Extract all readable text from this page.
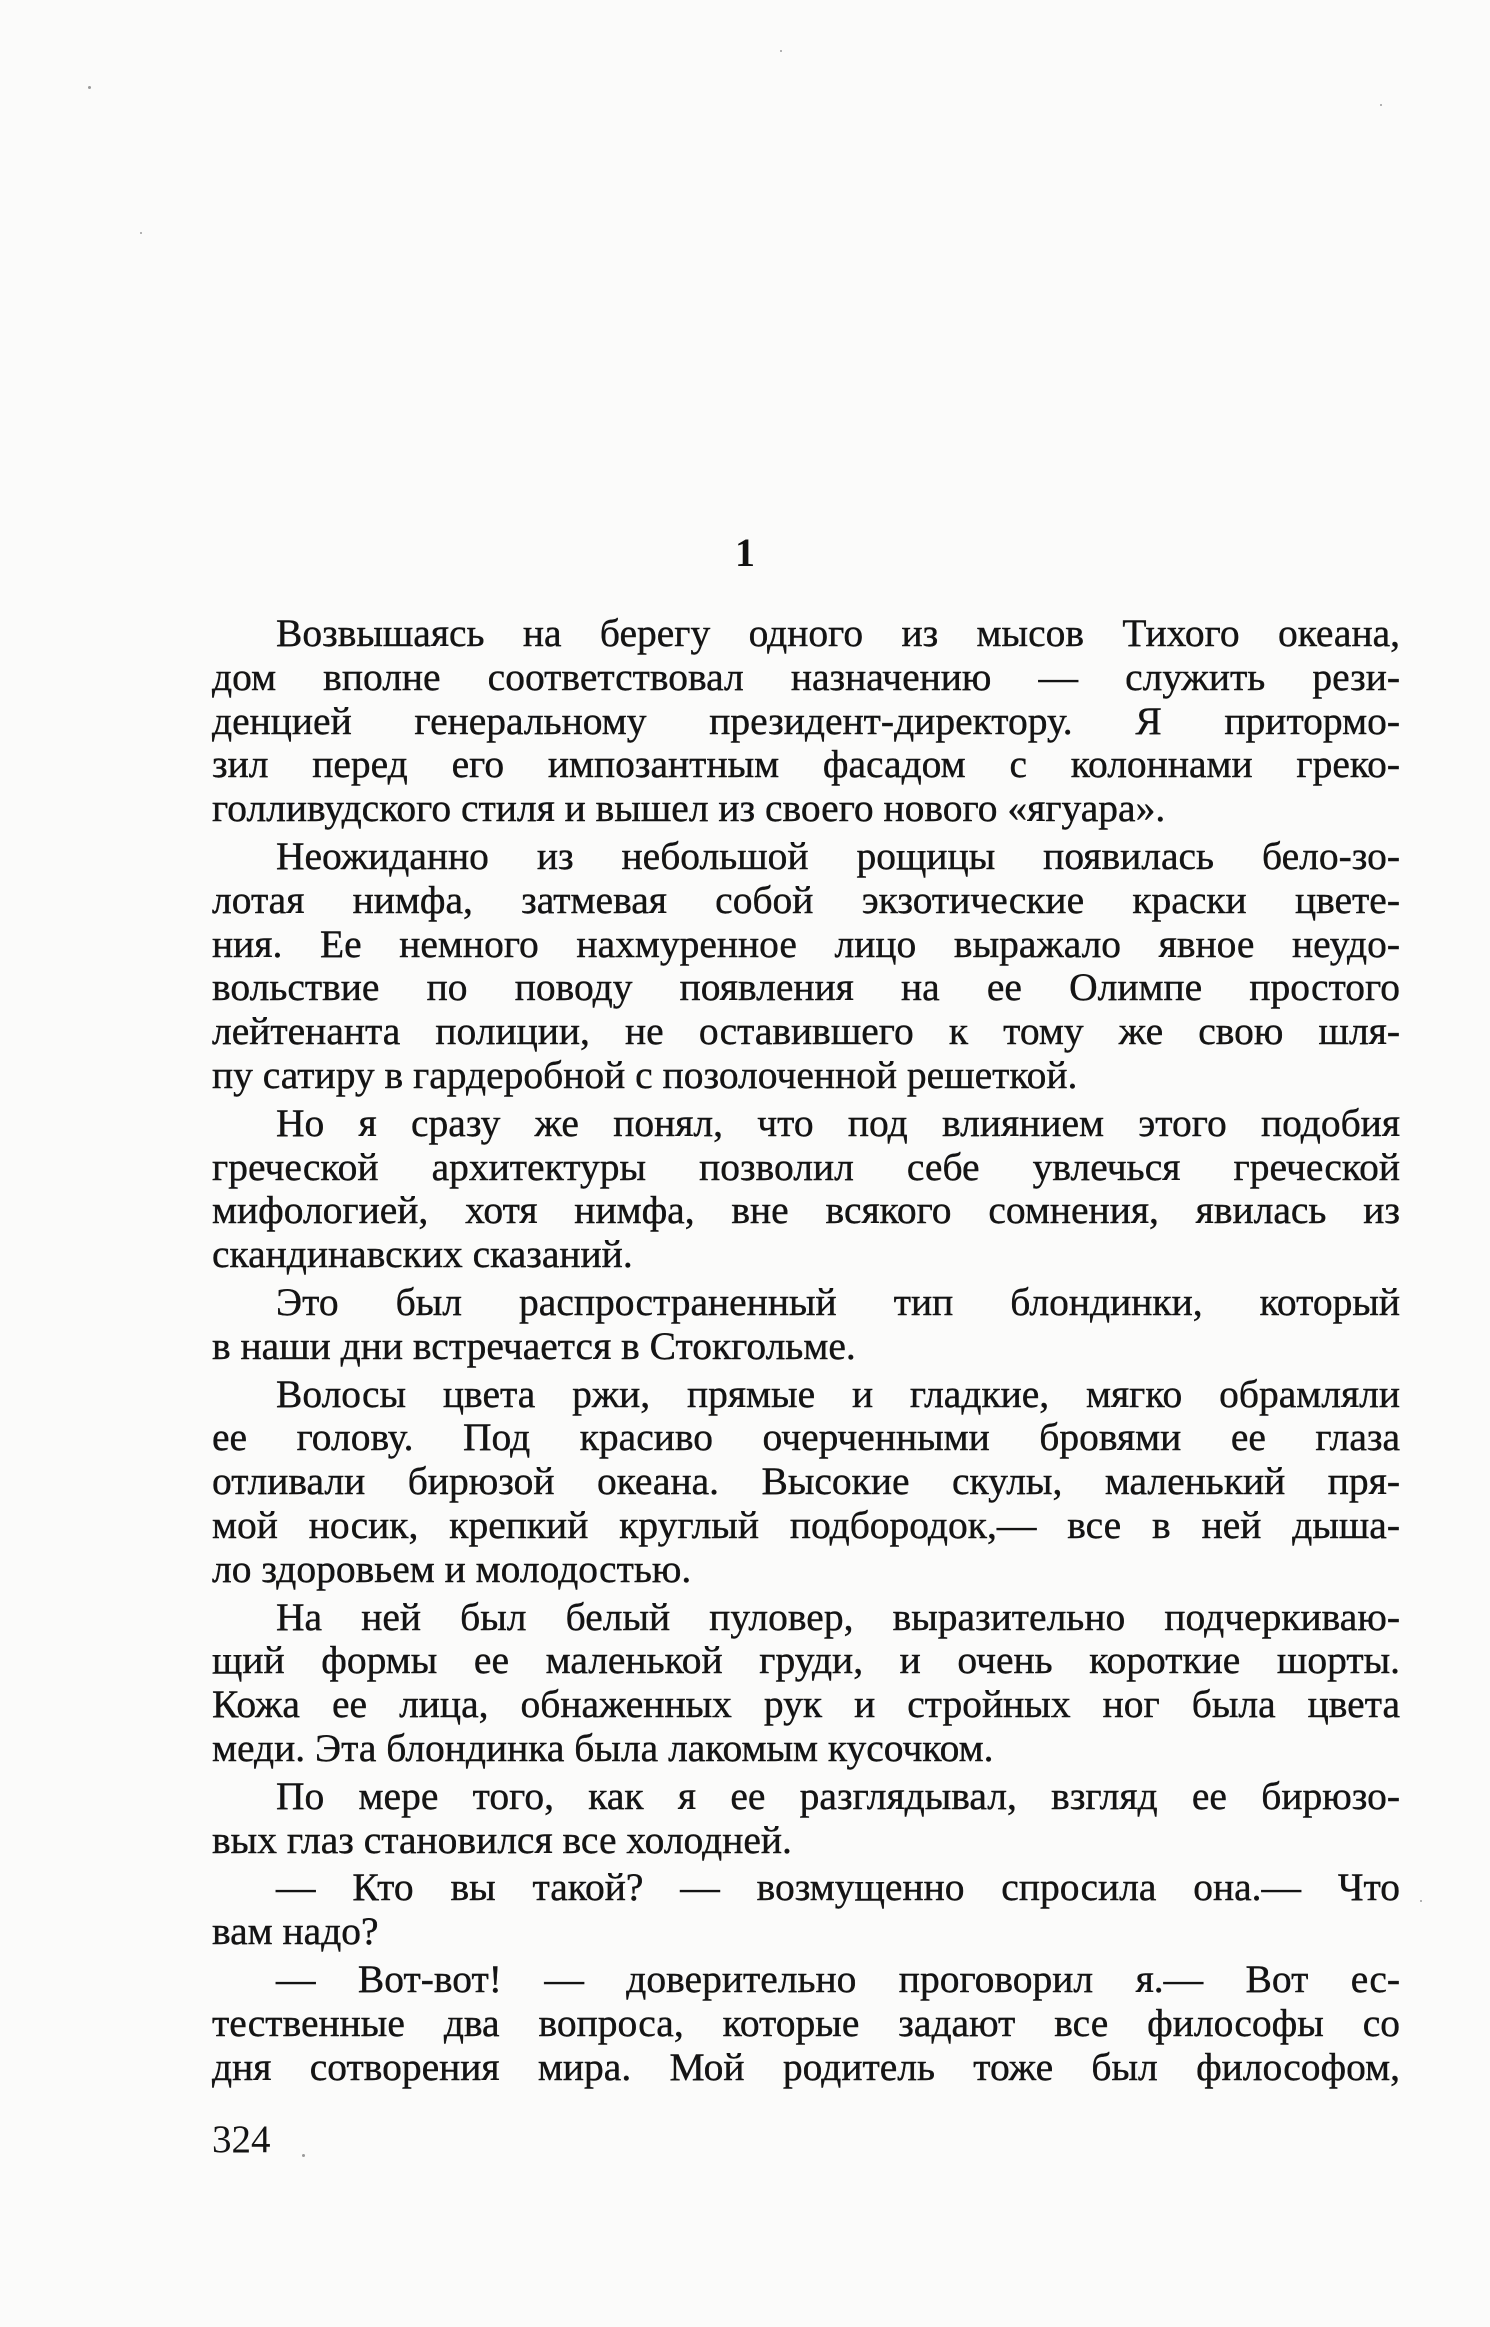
1
Возвышаясь на берегу одного из мысов Тихого океана,
дом вполне соответствовал назначению — служить рези-
денцией генеральному президент-директору. Я притормо-
зил перед его импозантным фасадом с колоннами греко-
голливудского стиля и вышел из своего нового «ягуара».
Неожиданно из небольшой рощицы появилась бело-зо-
лотая нимфа, затмевая собой экзотические краски цвете-
ния. Ее немного нахмуренное лицо выражало явное неудо-
вольствие по поводу появления на ее Олимпе простого
лейтенанта полиции, не оставившего к тому же свою шля-
пу сатиру в гардеробной с позолоченной решеткой.
Но я сразу же понял, что под влиянием этого подобия
греческой архитектуры позволил себе увлечься греческой
мифологией, хотя нимфа, вне всякого сомнения, явилась из
скандинавских сказаний.
Это был распространенный тип блондинки, который
в наши дни встречается в Стокгольме.
Волосы цвета ржи, прямые и гладкие, мягко обрамляли
ее голову. Под красиво очерченными бровями ее глаза
отливали бирюзой океана. Высокие скулы, маленький пря-
мой носик, крепкий круглый подбородок,— все в ней дыша-
ло здоровьем и молодостью.
На ней был белый пуловер, выразительно подчеркиваю-
щий формы ее маленькой груди, и очень короткие шорты.
Кожа ее лица, обнаженных рук и стройных ног была цвета
меди. Эта блондинка была лакомым кусочком.
По мере того, как я ее разглядывал, взгляд ее бирюзо-
вых глаз становился все холодней.
— Кто вы такой? — возмущенно спросила она.— Что
вам надо?
— Вот-вот! — доверительно проговорил я.— Вот ес-
тественные два вопроса, которые задают все философы со
дня сотворения мира. Мой родитель тоже был философом,
324
